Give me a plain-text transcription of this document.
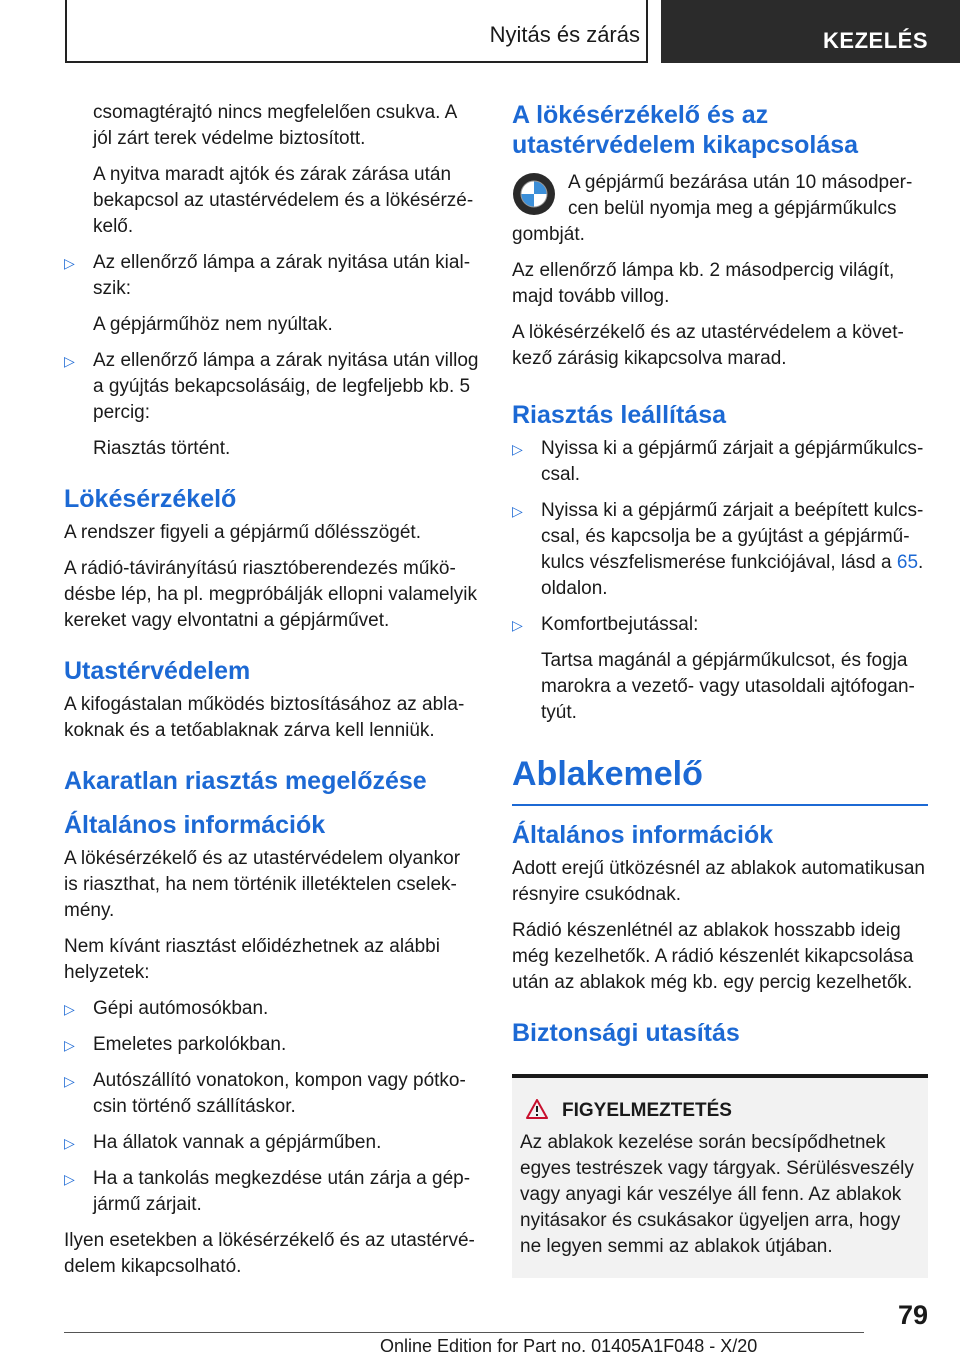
Nyitás és zárás	KEZELÉS

csomagtérajtó nincs megfelelően csukva. A jól zárt terek védelme biztosított.

A nyitva maradt ajtók és zárak zárása után bekapcsol az utastérvédelem és a lökésérzékelő.

▷ Az ellenőrző lámpa a zárak nyitása után kialszik:

A gépjárműhöz nem nyúltak.

▷ Az ellenőrző lámpa a zárak nyitása után villog a gyújtás bekapcsolásáig, de legfeljebb kb. 5 percig:

Riasztás történt.

Lökésérzékelő

A rendszer figyeli a gépjármű dőlésszögét.

A rádió-távirányítású riasztóberendezés működésbe lép, ha pl. megpróbálják ellopni valamelyik kereket vagy elvontatni a gépjárművet.

Utastérvédelem

A kifogástalan működés biztosításához az ablakoknak és a tetőablaknak zárva kell lenniük.

Akaratlan riasztás megelőzése
Általános információk

A lökésérzékelő és az utastérvédelem olyankor is riaszthat, ha nem történik illetéktelen cselekmény.

Nem kívánt riasztást előidézhetnek az alábbi helyzetek:

▷ Gépi autómosókban.
▷ Emeletes parkolókban.
▷ Autószállító vonatokon, kompon vagy pótkocsin történő szállításkor.
▷ Ha állatok vannak a gépjárműben.
▷ Ha a tankolás megkezdése után zárja a gépjármű zárjait.

Ilyen esetekben a lökésérzékelő és az utastérvédelem kikapcsolható.

A lökésérzékelő és az utastérvédelem kikapcsolása

A gépjármű bezárása után 10 másodpercen belül nyomja meg a gépjárműkulcs gombját.

Az ellenőrző lámpa kb. 2 másodpercig világít, majd tovább villog.

A lökésérzékelő és az utastérvédelem a következő zárásig kikapcsolva marad.

Riasztás leállítása
▷ Nyissa ki a gépjármű zárjait a gépjárműkulcscsal.
▷ Nyissa ki a gépjármű zárjait a beépített kulcscsal, és kapcsolja be a gyújtást a gépjárműkulcs vészfelismerése funkciójával, lásd a 65. oldalon.
▷ Komfortbejutással:

Tartsa magánál a gépjárműkulcsot, és fogja marokra a vezető- vagy utasoldali ajtófogantyút.

Ablakemelő
Általános információk

Adott erejű ütközésnél az ablakok automatikusan résnyire csukódnak.

Rádió készenlétnél az ablakok hosszabb ideig még kezelhetők. A rádió készenlét kikapcsolása után az ablakok még kb. egy percig kezelhetők.

Biztonsági utasítás
FIGYELMEZTETÉS

Az ablakok kezelése során becsípődhetnek egyes testrészek vagy tárgyak. Sérülésveszély vagy anyagi kár veszélye áll fenn. Az ablakok nyitásakor és csukásakor ügyeljen arra, hogy ne legyen semmi az ablakok útjában.

79
Online Edition for Part no. 01405A1F048 - X/20
